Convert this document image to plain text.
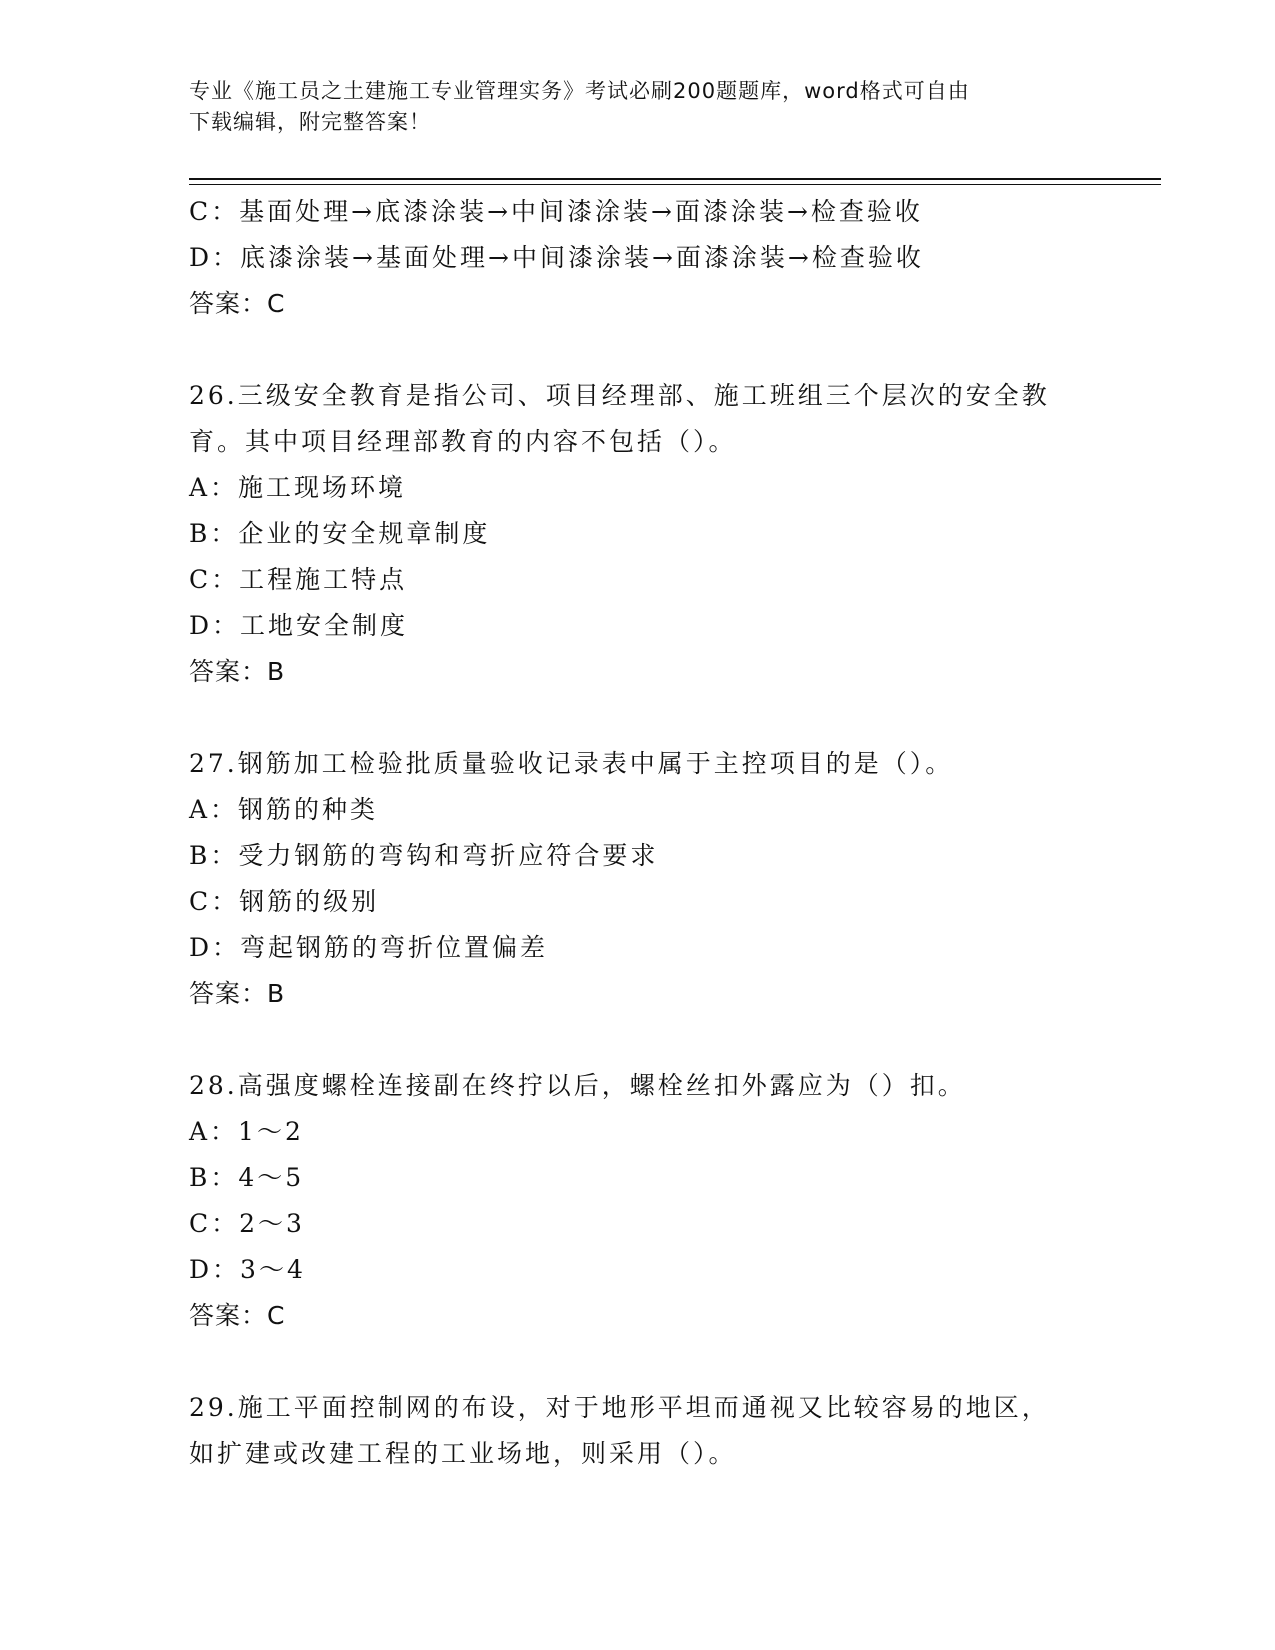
专业《施工员之土建施工专业管理实务》考试必刷200题题库，word格式可自由
下载编辑，附完整答案！
C：基面处理→底漆涂装→中间漆涂装→面漆涂装→检查验收
D：底漆涂装→基面处理→中间漆涂装→面漆涂装→检查验收
答案：C
26.三级安全教育是指公司、项目经理部、施工班组三个层次的安全教
育。其中项目经理部教育的内容不包括（）。
A：施工现场环境
B：企业的安全规章制度
C：工程施工特点
D：工地安全制度
答案：B
27.钢筋加工检验批质量验收记录表中属于主控项目的是（）。
A：钢筋的种类
B：受力钢筋的弯钩和弯折应符合要求
C：钢筋的级别
D：弯起钢筋的弯折位置偏差
答案：B
28.高强度螺栓连接副在终拧以后，螺栓丝扣外露应为（）扣。
A：1～2
B：4～5
C：2～3
D：3～4
答案：C
29.施工平面控制网的布设，对于地形平坦而通视又比较容易的地区，
如扩建或改建工程的工业场地，则采用（）。
